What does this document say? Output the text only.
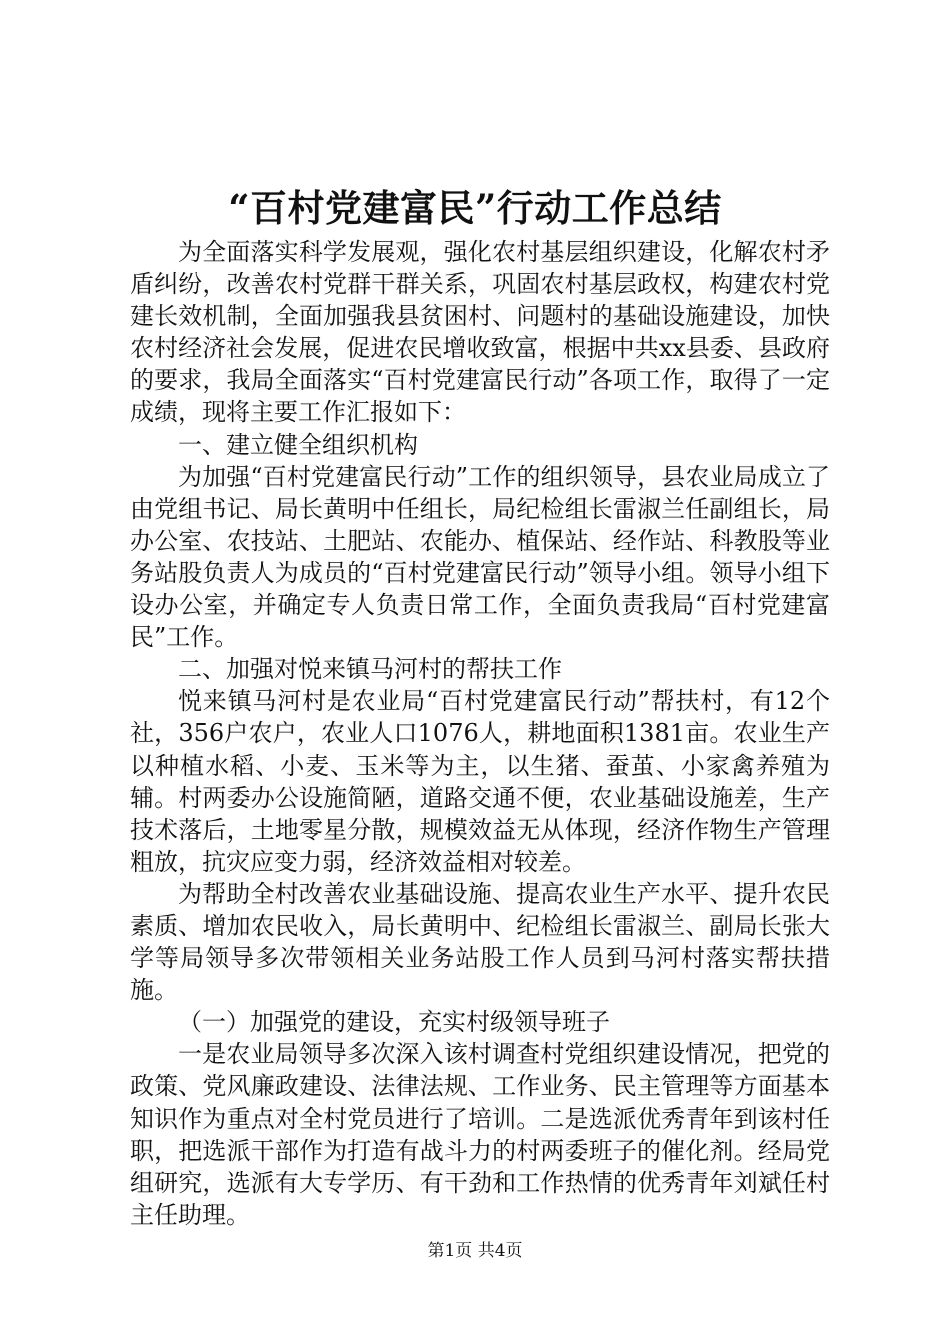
“百村党建富民”行动工作总结

为全面落实科学发展观，强化农村基层组织建设，化解农村矛盾纠纷，改善农村党群干群关系，巩固农村基层政权，构建农村党建长效机制，全面加强我县贫困村、问题村的基础设施建设，加快农村经济社会发展，促进农民增收致富，根据中共xx县委、县政府的要求，我局全面落实“百村党建富民行动”各项工作，取得了一定成绩，现将主要工作汇报如下：

一、建立健全组织机构

为加强“百村党建富民行动”工作的组织领导，县农业局成立了由党组书记、局长黄明中任组长，局纪检组长雷淑兰任副组长，局办公室、农技站、土肥站、农能办、植保站、经作站、科教股等业务站股负责人为成员的“百村党建富民行动”领导小组。领导小组下设办公室，并确定专人负责日常工作，全面负责我局“百村党建富民”工作。

二、加强对悦来镇马河村的帮扶工作

悦来镇马河村是农业局“百村党建富民行动”帮扶村，有12个社，356户农户，农业人口1076人，耕地面积1381亩。农业生产以种植水稻、小麦、玉米等为主，以生猪、蚕茧、小家禽养殖为辅。村两委办公设施简陋，道路交通不便，农业基础设施差，生产技术落后，土地零星分散，规模效益无从体现，经济作物生产管理粗放，抗灾应变力弱，经济效益相对较差。

为帮助全村改善农业基础设施、提高农业生产水平、提升农民素质、增加农民收入，局长黄明中、纪检组长雷淑兰、副局长张大学等局领导多次带领相关业务站股工作人员到马河村落实帮扶措施。

（一）加强党的建设，充实村级领导班子

一是农业局领导多次深入该村调查村党组织建设情况，把党的政策、党风廉政建设、法律法规、工作业务、民主管理等方面基本知识作为重点对全村党员进行了培训。二是选派优秀青年到该村任职，把选派干部作为打造有战斗力的村两委班子的催化剂。经局党组研究，选派有大专学历、有干劲和工作热情的优秀青年刘斌任村主任助理。

第1页 共4页
